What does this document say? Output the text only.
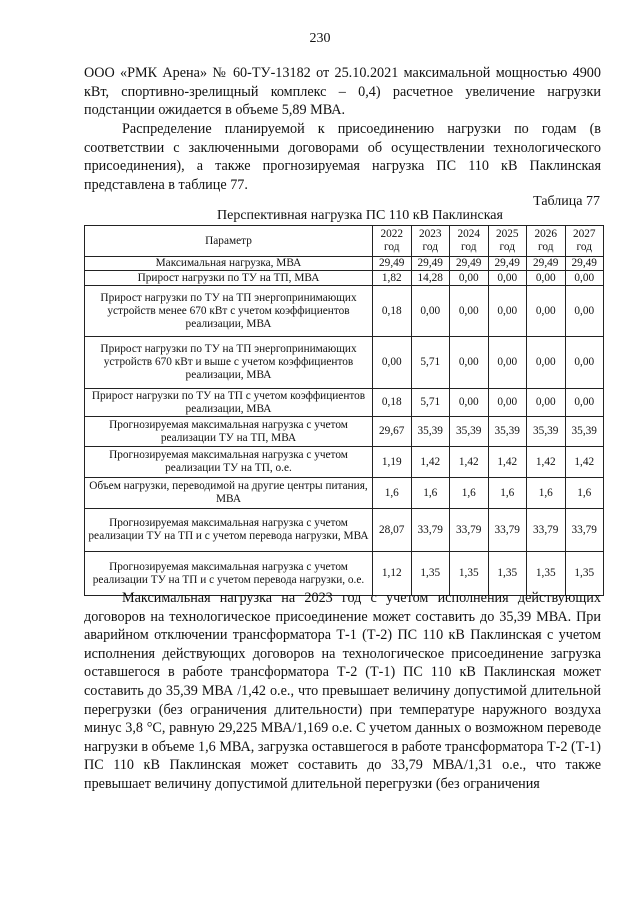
230

ООО «РМК Арена» № 60-ТУ-13182 от 25.10.2021 максимальной мощностью 4900 кВт, спортивно-зрелищный комплекс – 0,4) расчетное увеличение нагрузки подстанции ожидается в объеме 5,89 МВА.

Распределение планируемой к присоединению нагрузки по годам (в соответствии с заключенными договорами об осуществлении технологического присоединения), а также прогнозируемая нагрузка ПС 110 кВ Паклинская представлена в таблице 77.

Таблица 77
Перспективная нагрузка ПС 110 кВ Паклинская
Параметр	2022 год	2023 год	2024 год	2025 год	2026 год	2027 год
Максимальная нагрузка, МВА	29,49	29,49	29,49	29,49	29,49	29,49
Прирост нагрузки по ТУ на ТП, МВА	1,82	14,28	0,00	0,00	0,00	0,00
Прирост нагрузки по ТУ на ТП энергопринимающих устройств менее 670 кВт с учетом коэффициентов реализации, МВА	0,18	0,00	0,00	0,00	0,00	0,00
Прирост нагрузки по ТУ на ТП энергопринимающих устройств 670 кВт и выше с учетом коэффициентов реализации, МВА	0,00	5,71	0,00	0,00	0,00	0,00
Прирост нагрузки по ТУ на ТП с учетом коэффициентов реализации, МВА	0,18	5,71	0,00	0,00	0,00	0,00
Прогнозируемая максимальная нагрузка с учетом реализации ТУ на ТП, МВА	29,67	35,39	35,39	35,39	35,39	35,39
Прогнозируемая максимальная нагрузка с учетом реализации ТУ на ТП, о.е.	1,19	1,42	1,42	1,42	1,42	1,42
Объем нагрузки, переводимой на другие центры питания, МВА	1,6	1,6	1,6	1,6	1,6	1,6
Прогнозируемая максимальная нагрузка с учетом реализации ТУ на ТП и с учетом перевода нагрузки, МВА	28,07	33,79	33,79	33,79	33,79	33,79
Прогнозируемая максимальная нагрузка с учетом реализации ТУ на ТП и с учетом перевода нагрузки, о.е.	1,12	1,35	1,35	1,35	1,35	1,35

Максимальная нагрузка на 2023 год с учетом исполнения действующих договоров на технологическое присоединение может составить до 35,39 МВА. При аварийном отключении трансформатора Т-1 (Т-2) ПС 110 кВ Паклинская с учетом исполнения действующих договоров на технологическое присоединение загрузка оставшегося в работе трансформатора Т-2 (Т-1) ПС 110 кВ Паклинская может составить до 35,39 МВА /1,42 о.е., что превышает величину допустимой длительной перегрузки (без ограничения длительности) при температуре наружного воздуха минус 3,8 °С, равную 29,225 МВА/1,169 о.е. С учетом данных о возможном переводе нагрузки в объеме 1,6 МВА, загрузка оставшегося в работе трансформатора Т-2 (Т-1) ПС 110 кВ Паклинская может составить до 33,79 МВА/1,31 о.е., что также превышает величину допустимой длительной перегрузки (без ограничения
